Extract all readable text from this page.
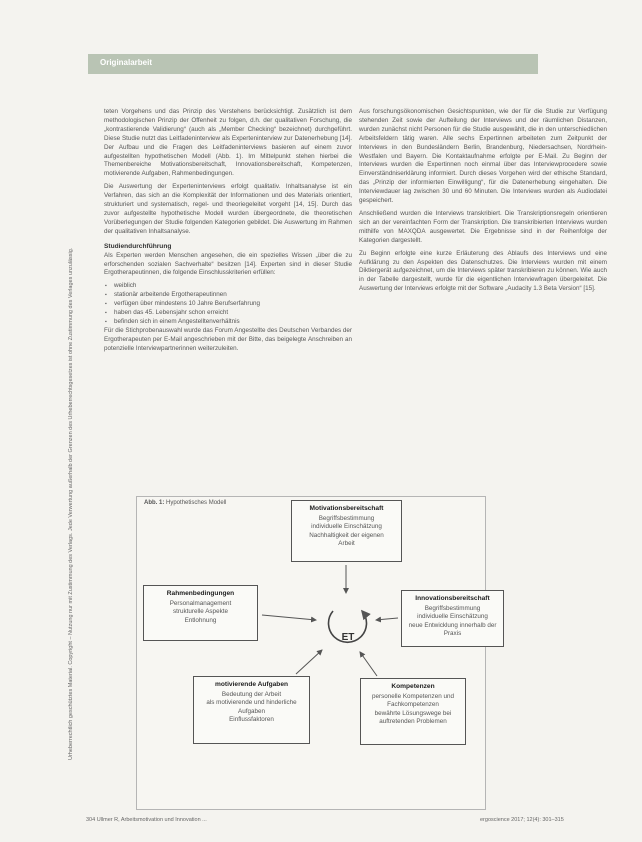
Originalarbeit
Urheberrechtlich geschütztes Material. Copyright – Nutzung nur mit Zustimmung des Verlags. Jede Verwertung außerhalb der Grenzen des Urheberrechtsgesetzes ist ohne Zustimmung des Verlages unzulässig.

teten Vorgehens und das Prinzip des Verstehens berücksichtigt. Zusätzlich ist dem methodologischen Prinzip der Offenheit zu folgen, d.h. der qualitativen Forschung, die „kontrastierende Validierung“ (auch als „Member Checking“ bezeichnet) durchgeführt. Diese Studie nutzt das Leitfadeninterview als Experteninterview zur Datenerhebung [14]. Der Aufbau und die Fragen des Leitfadeninterviews basieren auf einem zuvor aufgestellten hypothetischen Modell (Abb. 1). Im Mittelpunkt stehen hierbei die Themenbereiche Motivationsbereitschaft, Innovationsbereitschaft, Kompetenzen, motivierende Aufgaben, Rahmenbedingungen.

Die Auswertung der Experteninterviews erfolgt qualitativ. Inhaltsanalyse ist ein Verfahren, das sich an die Komplexität der Informationen und des Materials orientiert, strukturiert und systematisch, regel- und theoriegeleitet vorgeht [14, 15]. Durch das zuvor aufgestellte hypothetische Modell wurden übergeordnete, die theoretischen Vorüberlegungen der Studie folgenden Kategorien gebildet. Die Auswertung im Rahmen der qualitativen Inhaltsanalyse.

Studiendurchführung

Als Experten werden Menschen angesehen, die ein spezielles Wissen „über die zu erforschenden sozialen Sachverhalte“ besitzen [14]. Experten sind in dieser Studie Ergotherapeutinnen, die folgende Einschlusskriterien erfüllen:

▪ weiblich
▪ stationär arbeitende Ergotherapeutinnen
▪ verfügen über mindestens 10 Jahre Berufserfahrung
▪ haben das 45. Lebensjahr schon erreicht
▪ befinden sich in einem Angestelltenverhältnis

Für die Stichprobenauswahl wurde das Forum Angestellte des Deutschen Verbandes der Ergotherapeuten per E-Mail angeschrieben mit der Bitte, das beigelegte Anschreiben an potenzielle Interviewpartnerinnen weiterzuleiten.

Aus forschungsökonomischen Gesichtspunkten, wie der für die Studie zur Verfügung stehenden Zeit sowie der Aufteilung der Interviews und der räumlichen Distanzen, wurden zunächst nicht Personen für die Studie ausgewählt, die in den unterschiedlichen Arbeitsfeldern tätig waren. Alle sechs Expertinnen arbeiteten zum Zeitpunkt der Interviews in den Bundesländern Berlin, Brandenburg, Niedersachsen, Nordrhein-Westfalen und Bayern. Die Kontaktaufnahme erfolgte per E-Mail. Zu Beginn der Interviews wurden die Expertinnen noch einmal über das Interviewprocedere sowie Einverständniserklärung informiert. Durch dieses Vorgehen wird der ethische Standard, das „Prinzip der informierten Einwilligung“, für die Datenerhebung eingehalten. Die Interviewdauer lag zwischen 30 und 60 Minuten. Die Interviews wurden als Audiodatei gespeichert.

Anschließend wurden die Interviews transkribiert. Die Transkriptionsregeln orientieren sich an der vereinfachten Form der Transkription. Die transkribierten Interviews wurden mithilfe von MAXQDA ausgewertet. Die Ergebnisse sind in der Reihenfolge der Kategorien dargestellt.

Zu Beginn erfolgte eine kurze Erläuterung des Ablaufs des Interviews und eine Aufklärung zu den Aspekten des Datenschutzes. Die Interviews wurden mit einem Diktiergerät aufgezeichnet, um die Interviews später transkribieren zu können. Wie auch in der Tabelle dargestellt, wurde für die eigentlichen Interviewfragen übergeleitet. Die Auswertung der Interviews erfolgte mit der Software „Audacity 1.3 Beta Version“ [15].

Abb. 1: Hypothetisches Modell
ET
Motivationsbereitschaft
Begriffsbestimmung
individuelle Einschätzung
Nachhaltigkeit der eigenen
Arbeit
Rahmenbedingungen
Personalmanagement
strukturelle Aspekte
Entlohnung
Innovationsbereitschaft
Begriffsbestimmung
individuelle Einschätzung
neue Entwicklung innerhalb der
Praxis
motivierende Aufgaben
Bedeutung der Arbeit
als motivierende und hinderliche
Aufgaben
Einflussfaktoren
Kompetenzen
personelle Kompetenzen und
Fachkompetenzen
bewährte Lösungswege bei
auftretenden Problemen
304 Ullmer R, Arbeitsmotivation und Innovation ...	ergoscience 2017; 12(4): 301–315
